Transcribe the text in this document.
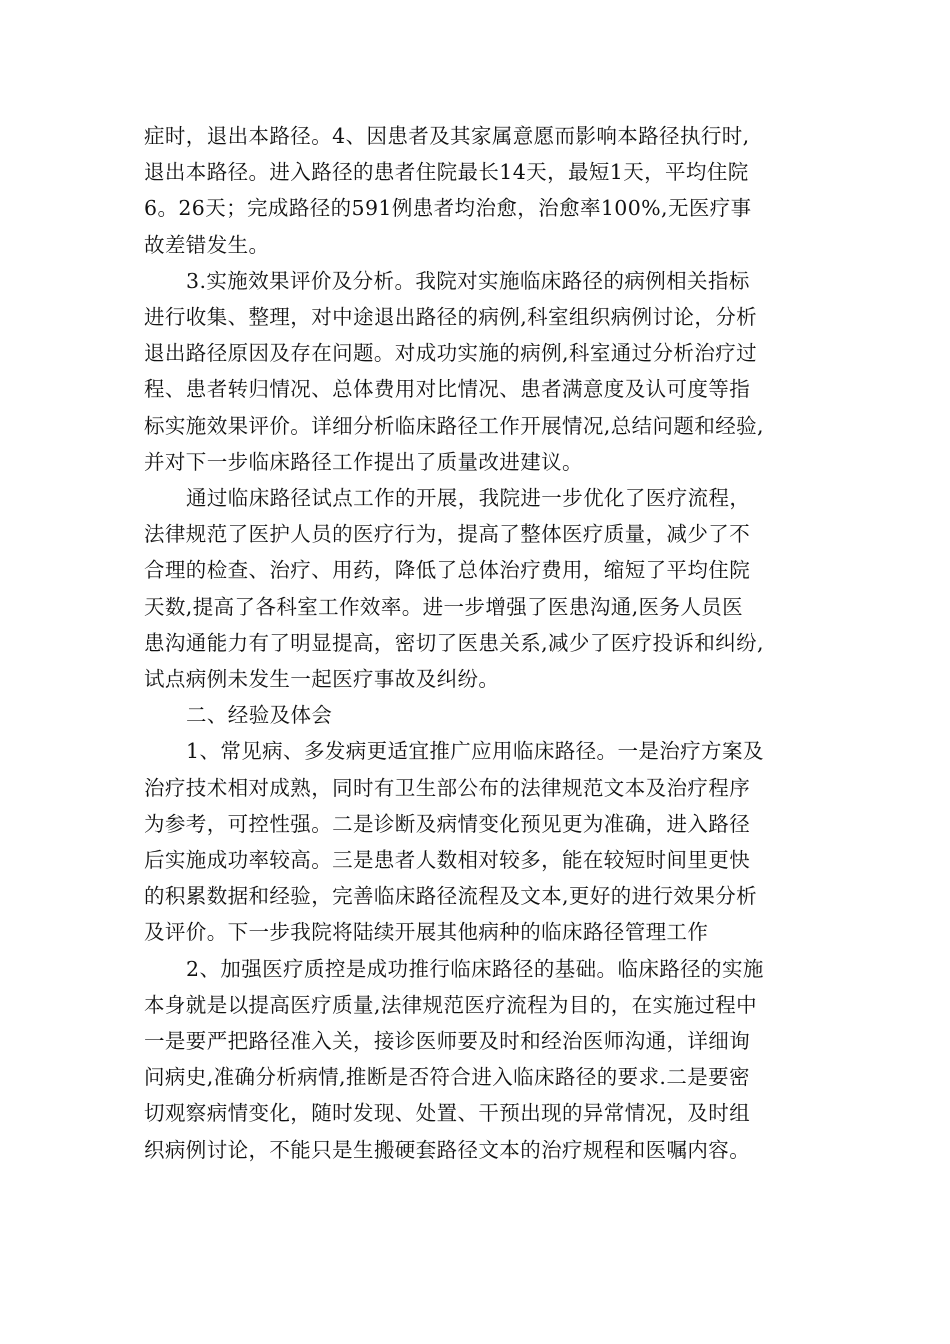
症时，退出本路径。4、因患者及其家属意愿而影响本路径执行时,
退出本路径。进入路径的患者住院最长14天，最短1天，平均住院
6。26天；完成路径的591例患者均治愈，治愈率100%,无医疗事
故差错发生。

3.实施效果评价及分析。我院对实施临床路径的病例相关指标
进行收集、整理，对中途退出路径的病例,科室组织病例讨论，分析
退出路径原因及存在问题。对成功实施的病例,科室通过分析治疗过
程、患者转归情况、总体费用对比情况、患者满意度及认可度等指
标实施效果评价。详细分析临床路径工作开展情况,总结问题和经验,
并对下一步临床路径工作提出了质量改进建议。

通过临床路径试点工作的开展，我院进一步优化了医疗流程，
法律规范了医护人员的医疗行为，提高了整体医疗质量，减少了不
合理的检查、治疗、用药，降低了总体治疗费用，缩短了平均住院
天数,提高了各科室工作效率。进一步增强了医患沟通,医务人员医
患沟通能力有了明显提高，密切了医患关系,减少了医疗投诉和纠纷,
试点病例未发生一起医疗事故及纠纷。

二、经验及体会

1、常见病、多发病更适宜推广应用临床路径。一是治疗方案及
治疗技术相对成熟，同时有卫生部公布的法律规范文本及治疗程序
为参考，可控性强。二是诊断及病情变化预见更为准确，进入路径
后实施成功率较高。三是患者人数相对较多，能在较短时间里更快
的积累数据和经验，完善临床路径流程及文本,更好的进行效果分析
及评价。下一步我院将陆续开展其他病种的临床路径管理工作

2、加强医疗质控是成功推行临床路径的基础。临床路径的实施
本身就是以提高医疗质量,法律规范医疗流程为目的，在实施过程中
一是要严把路径准入关，接诊医师要及时和经治医师沟通，详细询
问病史,准确分析病情,推断是否符合进入临床路径的要求.二是要密
切观察病情变化，随时发现、处置、干预出现的异常情况，及时组
织病例讨论，不能只是生搬硬套路径文本的治疗规程和医嘱内容。
